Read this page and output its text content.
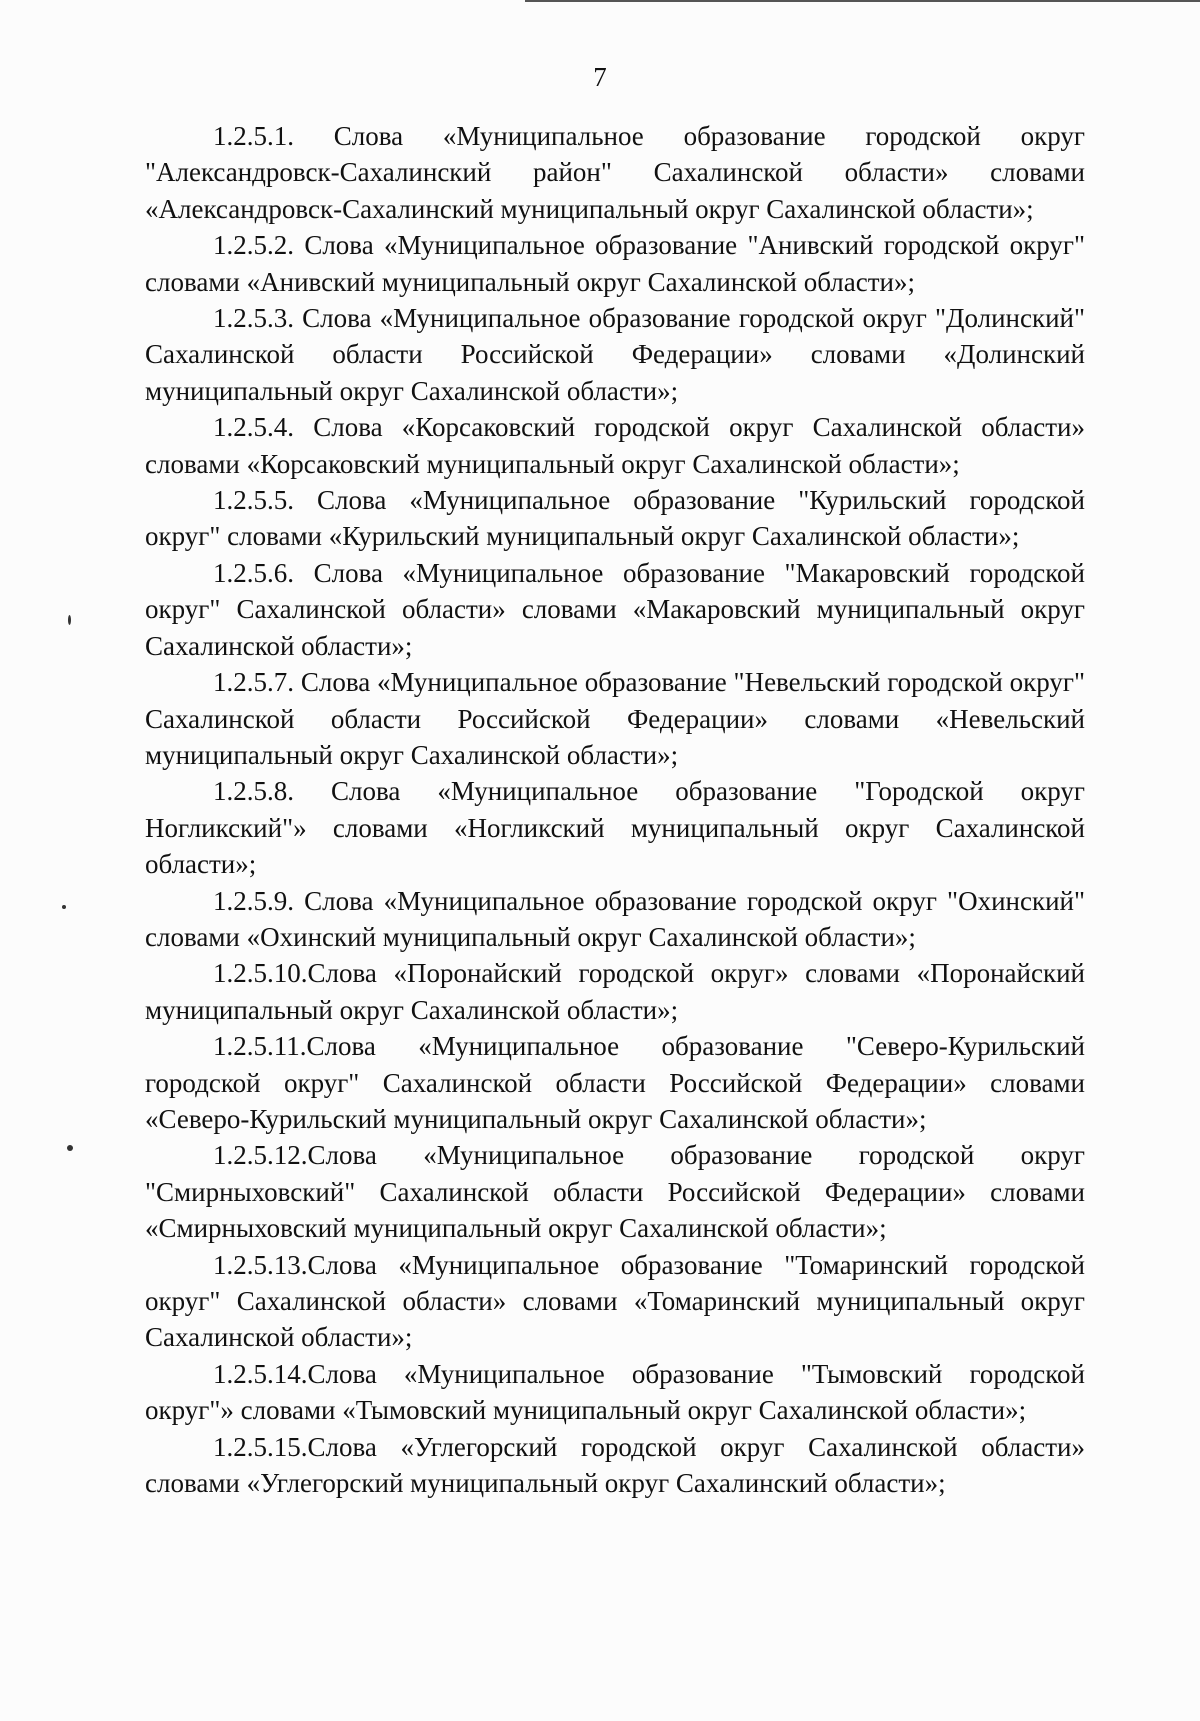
7

1.2.5.1. Слова «Муниципальное образование городской округ "Александровск-Сахалинский район" Сахалинской области» словами «Александровск-Сахалинский муниципальный округ Сахалинской области»;

1.2.5.2. Слова «Муниципальное образование "Анивский городской округ" словами «Анивский муниципальный округ Сахалинской области»;

1.2.5.3. Слова «Муниципальное образование городской округ "Долинский" Сахалинской области Российской Федерации» словами «Долинский муниципальный округ Сахалинской области»;

1.2.5.4. Слова «Корсаковский городской округ Сахалинской области» словами «Корсаковский муниципальный округ Сахалинской области»;

1.2.5.5. Слова «Муниципальное образование "Курильский городской округ" словами «Курильский муниципальный округ Сахалинской области»;

1.2.5.6. Слова «Муниципальное образование "Макаровский городской округ" Сахалинской области» словами «Макаровский муниципальный округ Сахалинской области»;

1.2.5.7. Слова «Муниципальное образование "Невельский городской округ" Сахалинской области Российской Федерации» словами «Невельский муниципальный округ Сахалинской области»;

1.2.5.8. Слова «Муниципальное образование "Городской округ Ногликский"» словами «Ногликский муниципальный округ Сахалинской области»;

1.2.5.9. Слова «Муниципальное образование городской округ "Охинский" словами «Охинский муниципальный округ Сахалинской области»;

1.2.5.10.Слова «Поронайский городской округ» словами «Поронайский муниципальный округ Сахалинской области»;

1.2.5.11.Слова «Муниципальное образование "Северо-Курильский городской округ" Сахалинской области Российской Федерации» словами «Северо-Курильский муниципальный округ Сахалинской области»;

1.2.5.12.Слова «Муниципальное образование городской округ "Смирныховский" Сахалинской области Российской Федерации» словами «Смирныховский муниципальный округ Сахалинской области»;

1.2.5.13.Слова «Муниципальное образование "Томаринский городской округ" Сахалинской области» словами «Томаринский муниципальный округ Сахалинской области»;

1.2.5.14.Слова «Муниципальное образование "Тымовский городской округ"» словами «Тымовский муниципальный округ Сахалинской области»;

1.2.5.15.Слова «Углегорский городской округ Сахалинской области» словами «Углегорский муниципальный округ Сахалинский области»;
